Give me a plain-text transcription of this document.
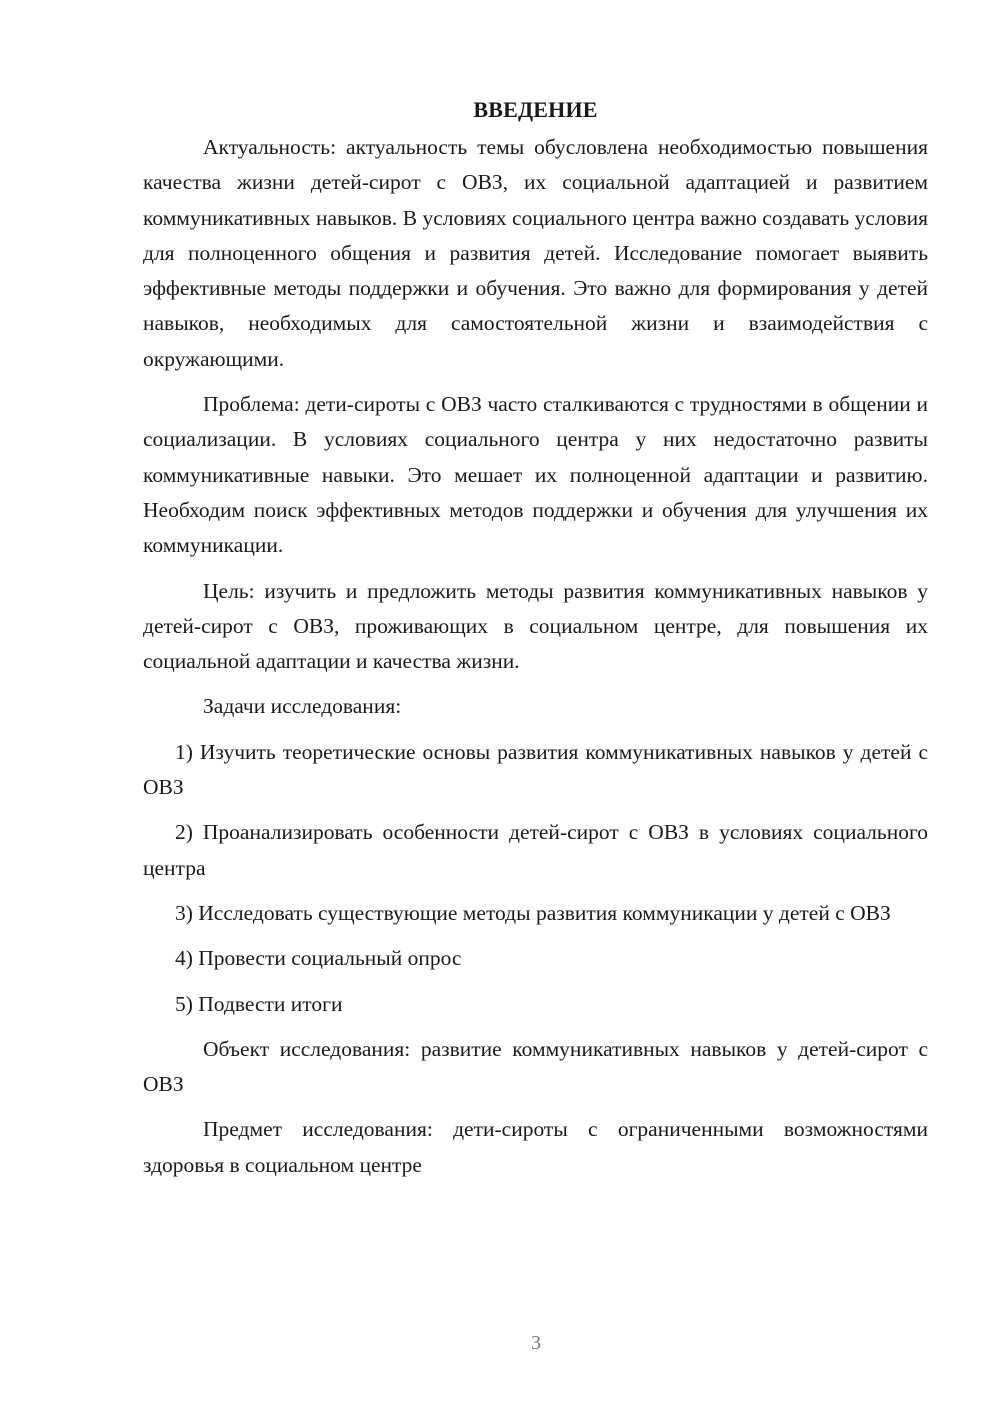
ВВЕДЕНИЕ

Актуальность: актуальность темы обусловлена необходимостью повышения качества жизни детей-сирот с ОВЗ, их социальной адаптацией и развитием коммуникативных навыков. В условиях социального центра важно создавать условия для полноценного общения и развития детей. Исследование помогает выявить эффективные методы поддержки и обучения. Это важно для формирования у детей навыков, необходимых для самостоятельной жизни и взаимодействия с окружающими.

Проблема: дети-сироты с ОВЗ часто сталкиваются с трудностями в общении и социализации. В условиях социального центра у них недостаточно развиты коммуникативные навыки. Это мешает их полноценной адаптации и развитию. Необходим поиск эффективных методов поддержки и обучения для улучшения их коммуникации.

Цель: изучить и предложить методы развития коммуникативных навыков у детей-сирот с ОВЗ, проживающих в социальном центре, для повышения их социальной адаптации и качества жизни.

Задачи исследования:

1) Изучить теоретические основы развития коммуникативных навыков у детей с ОВЗ

2) Проанализировать особенности детей-сирот с ОВЗ в условиях социального центра

3) Исследовать существующие методы развития коммуникации у детей с ОВЗ

4) Провести социальный опрос

5) Подвести итоги

Объект исследования: развитие коммуникативных навыков у детей-сирот с ОВЗ

Предмет исследования: дети-сироты с ограниченными возможностями здоровья в социальном центре

3
